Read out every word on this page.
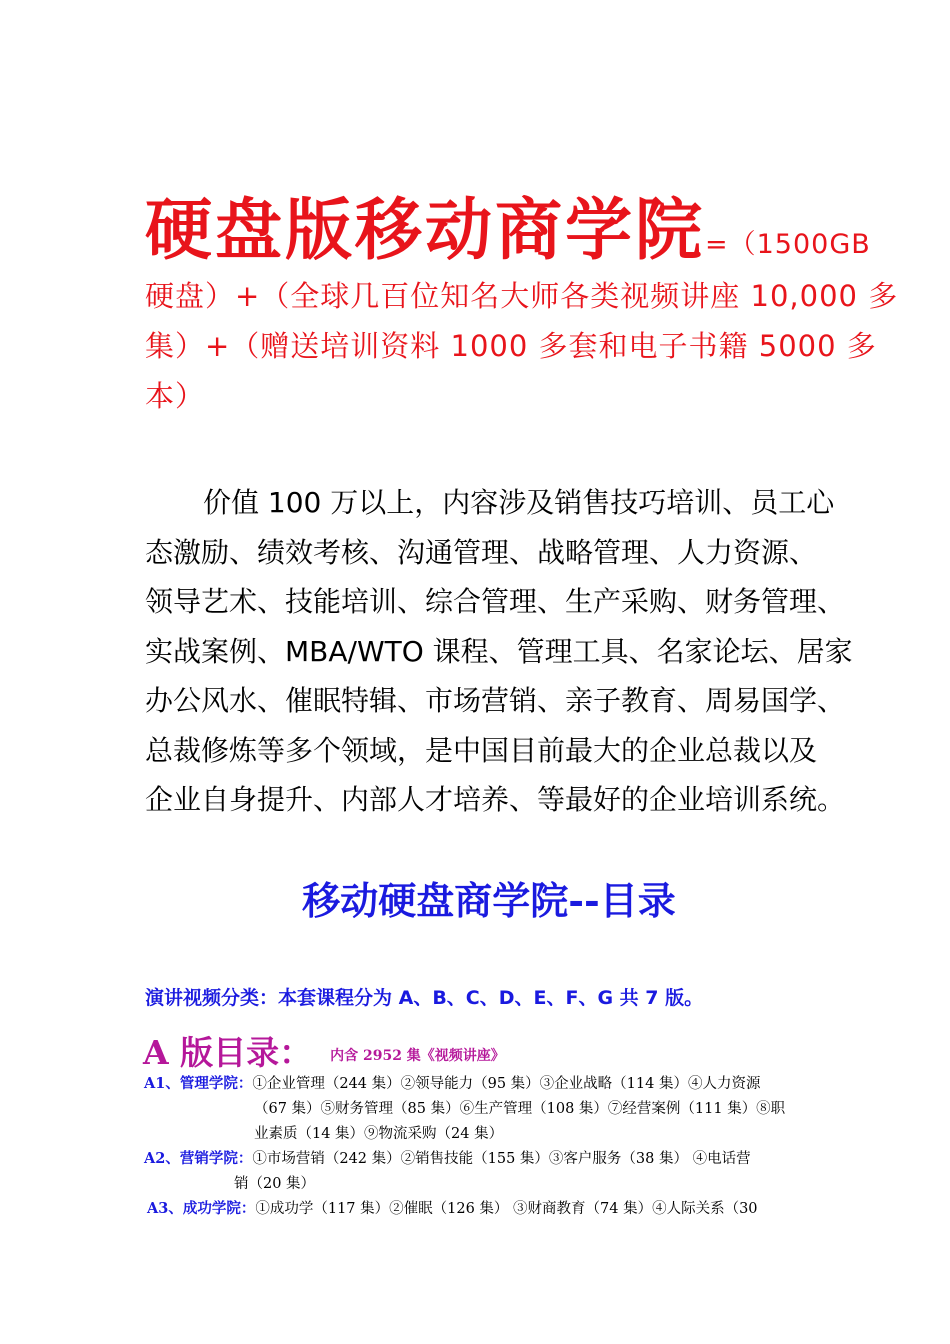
硬盘版移动商学院=（1500GB
硬盘）+（全球几百位知名大师各类视频讲座 10,000 多
集）+（赠送培训资料 1000 多套和电子书籍 5000 多
本）
价值 100 万以上，内容涉及销售技巧培训、员工心
态激励、绩效考核、沟通管理、战略管理、人力资源、
领导艺术、技能培训、综合管理、生产采购、财务管理、
实战案例、MBA/WTO 课程、管理工具、名家论坛、居家
办公风水、催眠特辑、市场营销、亲子教育、周易国学、
总裁修炼等多个领域，是中国目前最大的企业总裁以及
企业自身提升、内部人才培养、等最好的企业培训系统。
移动硬盘商学院--目录
演讲视频分类：本套课程分为 A、B、C、D、E、F、G 共 7 版。
A 版目录： 内含 2952 集《视频讲座》
A1、管理学院：①企业管理（244 集）②领导能力（95 集）③企业战略（114 集）④人力资源
（67 集）⑤财务管理（85 集）⑥生产管理（108 集）⑦经营案例（111 集）⑧职
业素质（14 集）⑨物流采购（24 集）
A2、营销学院：①市场营销（242 集）②销售技能（155 集）③客户服务（38 集） ④电话营
销（20 集）
A3、成功学院：①成功学（117 集）②催眠（126 集） ③财商教育（74 集）④人际关系（30
